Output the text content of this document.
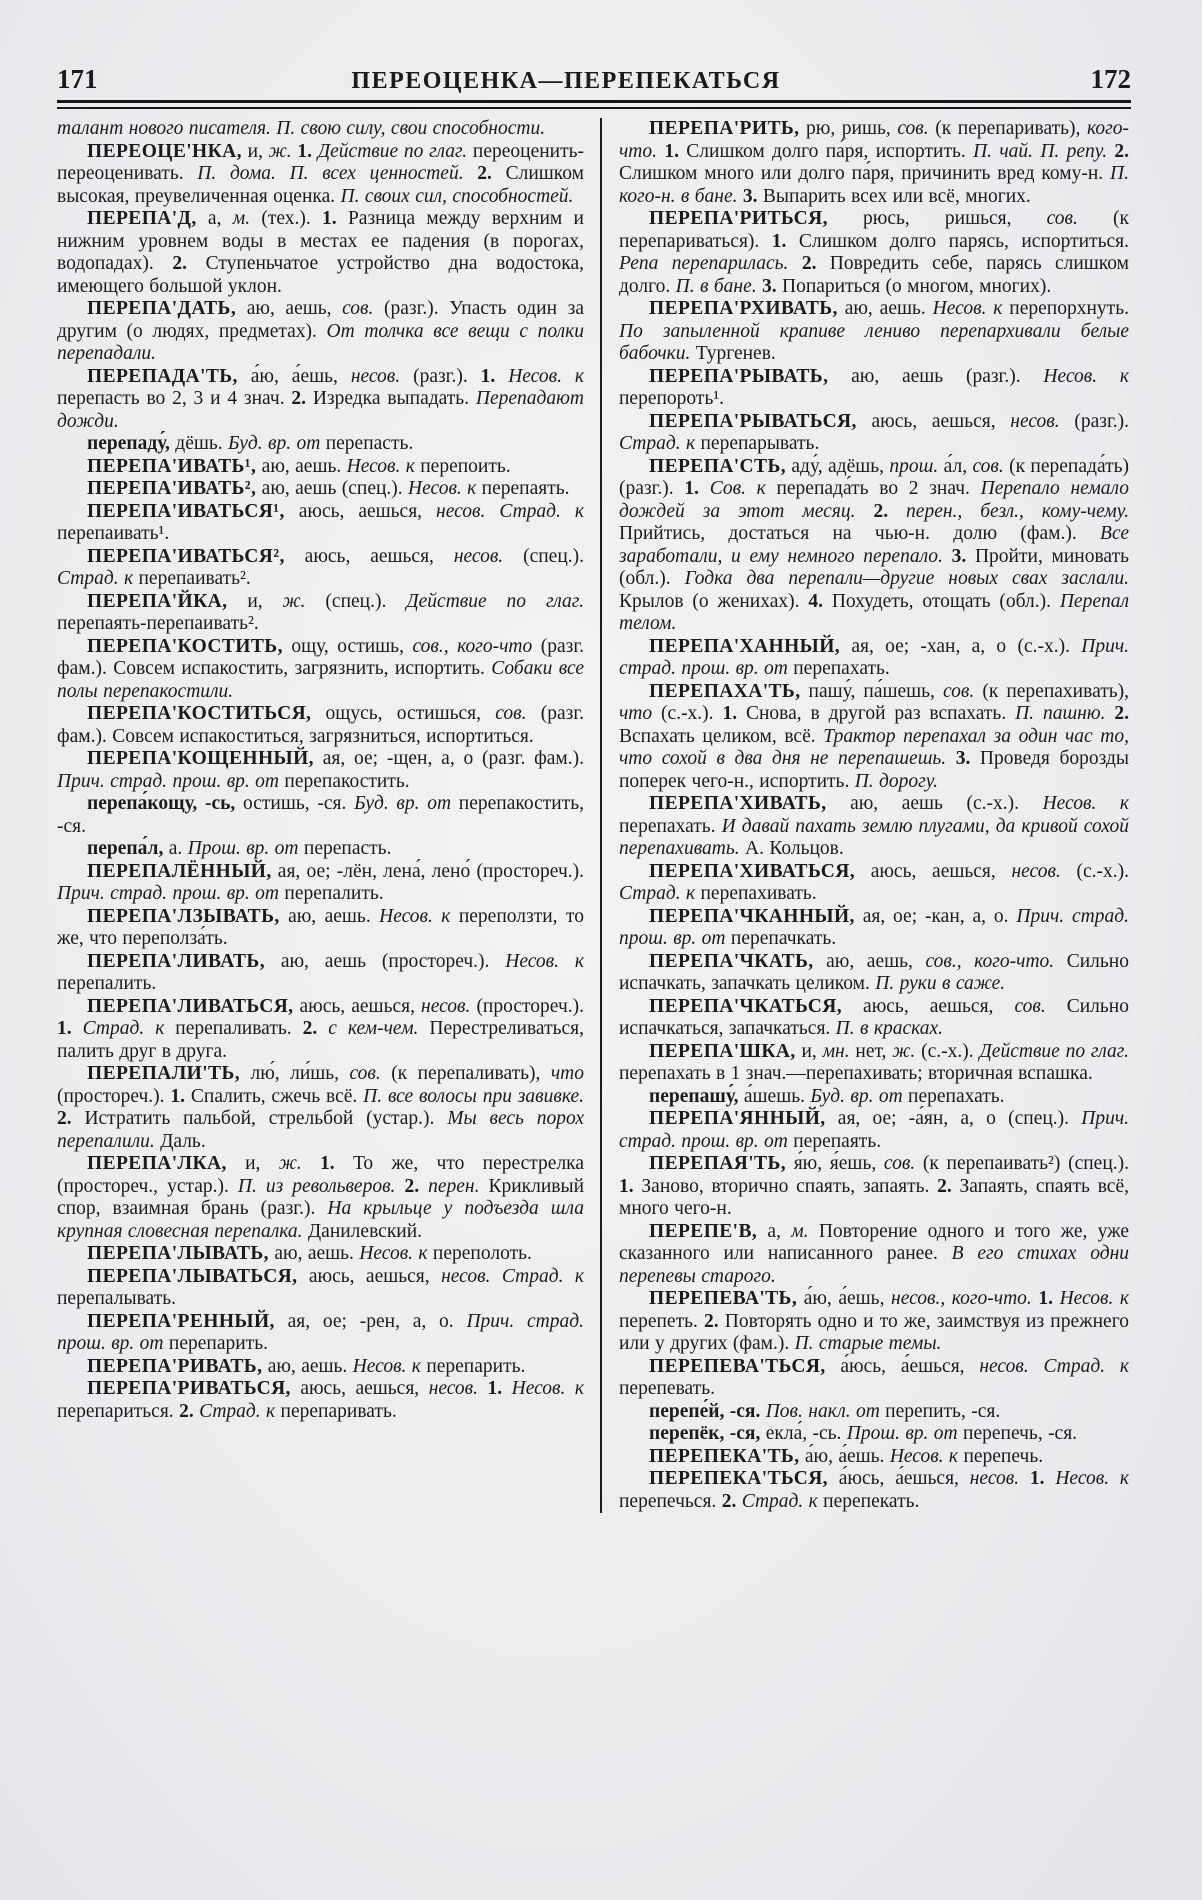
171	ПЕРЕОЦЕНКА—ПЕРЕПЕКАТЬСЯ	172

талант нового писателя. П. свою силу, свои способности.

ПЕРЕОЦЕ'НКА, и, ж. 1. Действие по глаг. переоценить-переоценивать. П. дома. П. всех ценностей. 2. Слишком высокая, преувеличенная оценка. П. своих сил, способностей.

ПЕРЕПА'Д, а, м. (тех.). 1. Разница между верхним и нижним уровнем воды в местах ее падения (в порогах, водопадах). 2. Ступеньчатое устройство дна водостока, имеющего большой уклон.

ПЕРЕПА'ДАТЬ, аю, аешь, сов. (разг.). Упасть один за другим (о людях, предметах). От толчка все вещи с полки перепадали.

ПЕРЕПАДА'ТЬ, а́ю, а́ешь, несов. (разг.). 1. Несов. к перепасть во 2, 3 и 4 знач. 2. Изредка выпадать. Перепадают дожди.

перепаду́, дёшь. Буд. вр. от перепасть.

ПЕРЕПА'ИВАТЬ¹, аю, аешь. Несов. к перепоить.

ПЕРЕПА'ИВАТЬ², аю, аешь (спец.). Несов. к перепаять.

ПЕРЕПА'ИВАТЬСЯ¹, аюсь, аешься, несов. Страд. к перепаивать¹.

ПЕРЕПА'ИВАТЬСЯ², аюсь, аешься, несов. (спец.). Страд. к перепаивать².

ПЕРЕПА'ЙКА, и, ж. (спец.). Действие по глаг. перепаять-перепаивать².

ПЕРЕПА'КОСТИТЬ, ощу, остишь, сов., кого-что (разг. фам.). Совсем испакостить, загрязнить, испортить. Собаки все полы перепакостили.

ПЕРЕПА'КОСТИТЬСЯ, ощусь, остишься, сов. (разг. фам.). Совсем испакоститься, загрязниться, испортиться.

ПЕРЕПА'КОЩЕННЫЙ, ая, ое; -щен, а, о (разг. фам.). Прич. страд. прош. вр. от перепакостить.

перепа́кощу, -сь, остишь, -ся. Буд. вр. от перепакостить, -ся.

перепа́л, а. Прош. вр. от перепасть.

ПЕРЕПАЛЁННЫЙ, ая, ое; -лён, лена́, лено́ (простореч.). Прич. страд. прош. вр. от перепалить.

ПЕРЕПА'ЛЗЫВАТЬ, аю, аешь. Несов. к переползти, то же, что переполза́ть.

ПЕРЕПА'ЛИВАТЬ, аю, аешь (простореч.). Несов. к перепалить.

ПЕРЕПА'ЛИВАТЬСЯ, аюсь, аешься, несов. (простореч.). 1. Страд. к перепаливать. 2. с кем-чем. Перестреливаться, палить друг в друга.

ПЕРЕПАЛИ'ТЬ, лю́, ли́шь, сов. (к перепаливать), что (простореч.). 1. Спалить, сжечь всё. П. все волосы при завивке. 2. Истратить пальбой, стрельбой (устар.). Мы весь порох перепалили. Даль.

ПЕРЕПА'ЛКА, и, ж. 1. То же, что перестрелка (простореч., устар.). П. из револьверов. 2. перен. Крикливый спор, взаимная брань (разг.). На крыльце у подъезда шла крупная словесная перепалка. Данилевский.

ПЕРЕПА'ЛЫВАТЬ, аю, аешь. Несов. к переполоть.

ПЕРЕПА'ЛЫВАТЬСЯ, аюсь, аешься, несов. Страд. к перепалывать.

ПЕРЕПА'РЕННЫЙ, ая, ое; -рен, а, о. Прич. страд. прош. вр. от перепарить.

ПЕРЕПА'РИВАТЬ, аю, аешь. Несов. к перепарить.

ПЕРЕПА'РИВАТЬСЯ, аюсь, аешься, несов. 1. Несов. к перепариться. 2. Страд. к перепаривать.

ПЕРЕПА'РИТЬ, рю, ришь, сов. (к перепаривать), кого-что. 1. Слишком долго па́ря, испортить. П. чай. П. репу. 2. Слишком много или долго па́ря, причинить вред кому-н. П. кого-н. в бане. 3. Выпарить всех или всё, многих.

ПЕРЕПА'РИТЬСЯ, рюсь, ришься, сов. (к перепариваться). 1. Слишком долго парясь, испортиться. Репа перепарилась. 2. Повредить себе, парясь слишком долго. П. в бане. 3. Попариться (о многом, многих).

ПЕРЕПА'РХИВАТЬ, аю, аешь. Несов. к перепорхнуть. По запыленной крапиве лениво перепархивали белые бабочки. Тургенев.

ПЕРЕПА'РЫВАТЬ, аю, аешь (разг.). Несов. к перепороть¹.

ПЕРЕПА'РЫВАТЬСЯ, аюсь, аешься, несов. (разг.). Страд. к перепарывать.

ПЕРЕПА'СТЬ, аду́, адёшь, прош. а́л, сов. (к перепада́ть) (разг.). 1. Сов. к перепада́ть во 2 знач. Перепало немало дождей за этот месяц. 2. перен., безл., кому-чему. Прийтись, достаться на чью-н. долю (фам.). Все заработали, и ему немного перепало. 3. Пройти, миновать (обл.). Годка два перепали—другие новых свах заслали. Крылов (о женихах). 4. Похудеть, отощать (обл.). Перепал телом.

ПЕРЕПА'ХАННЫЙ, ая, ое; -хан, а, о (с.-х.). Прич. страд. прош. вр. от перепахать.

ПЕРЕПАХА'ТЬ, пашу́, па́шешь, сов. (к перепахивать), что (с.-х.). 1. Снова, в другой раз вспахать. П. пашню. 2. Вспахать целиком, всё. Трактор перепахал за один час то, что сохой в два дня не перепашешь. 3. Проведя борозды поперек чего-н., испортить. П. дорогу.

ПЕРЕПА'ХИВАТЬ, аю, аешь (с.-х.). Несов. к перепахать. И давай пахать землю плугами, да кривой сохой перепахивать. А. Кольцов.

ПЕРЕПА'ХИВАТЬСЯ, аюсь, аешься, несов. (с.-х.). Страд. к перепахивать.

ПЕРЕПА'ЧКАННЫЙ, ая, ое; -кан, а, о. Прич. страд. прош. вр. от перепачкать.

ПЕРЕПА'ЧКАТЬ, аю, аешь, сов., кого-что. Сильно испачкать, запачкать целиком. П. руки в саже.

ПЕРЕПА'ЧКАТЬСЯ, аюсь, аешься, сов. Сильно испачкаться, запачкаться. П. в красках.

ПЕРЕПА'ШКА, и, мн. нет, ж. (с.-х.). Действие по глаг. перепахать в 1 знач.—перепахивать; вторичная вспашка.

перепашу́, а́шешь. Буд. вр. от перепахать.

ПЕРЕПА'ЯННЫЙ, ая, ое; -а́ян, а, о (спец.). Прич. страд. прош. вр. от перепаять.

ПЕРЕПАЯ'ТЬ, я́ю, я́ешь, сов. (к перепаивать²) (спец.). 1. Заново, вторично спаять, запаять. 2. Запаять, спаять всё, много чего-н.

ПЕРЕПЕ'В, а, м. Повторение одного и того же, уже сказанного или написанного ранее. В его стихах одни перепевы старого.

ПЕРЕПЕВА'ТЬ, а́ю, а́ешь, несов., кого-что. 1. Несов. к перепеть. 2. Повторять одно и то же, заимствуя из прежнего или у других (фам.). П. старые темы.

ПЕРЕПЕВА'ТЬСЯ, а́юсь, а́ешься, несов. Страд. к перепевать.

перепе́й, -ся. Пов. накл. от перепить, -ся.

перепёк, -ся, екла́, -сь. Прош. вр. от перепечь, -ся.

ПЕРЕПЕКА'ТЬ, а́ю, а́ешь. Несов. к перепечь.

ПЕРЕПЕКА'ТЬСЯ, а́юсь, а́ешься, несов. 1. Несов. к перепечься. 2. Страд. к перепекать.
